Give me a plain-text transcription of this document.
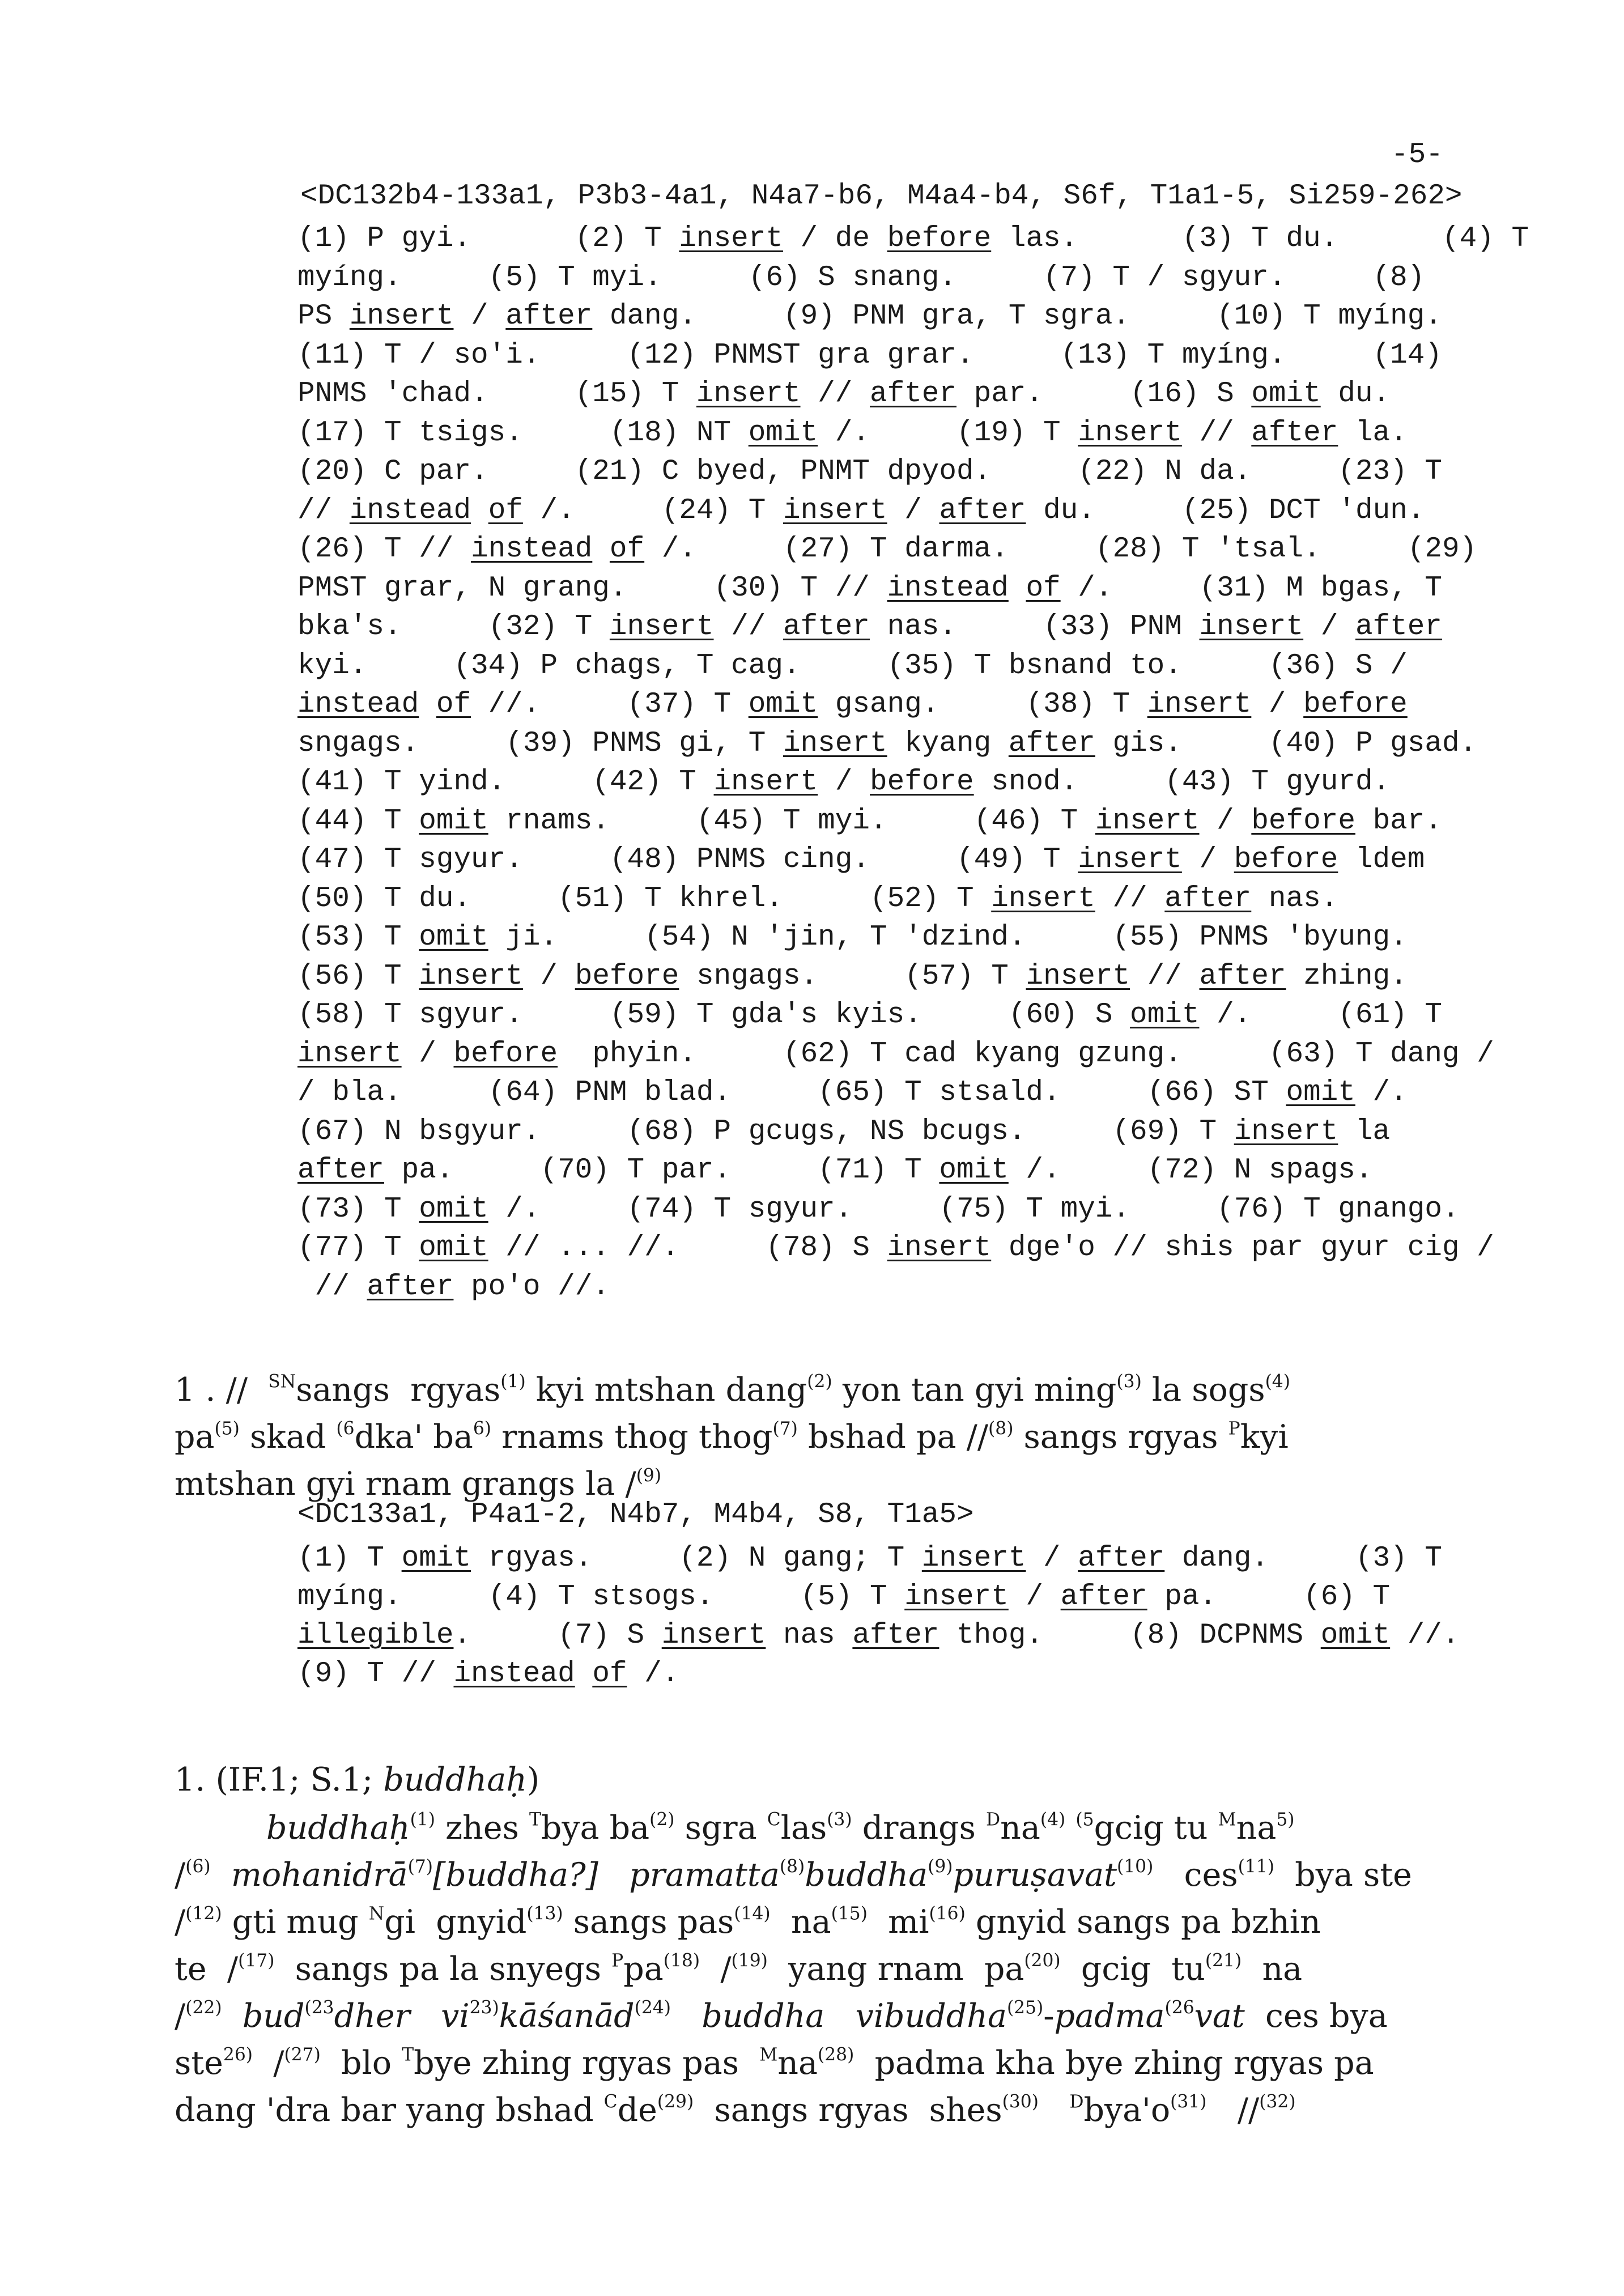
-5-
<DC132b4-133a1, P3b3-4a1, N4a7-b6, M4a4-b4, S6f, T1a1-5, Si259-262>
(1) P gyi.      (2) T insert / de before las.      (3) T du.      (4) T
myíng.     (5) T myi.     (6) S snang.     (7) T / sgyur.     (8)
PS insert / after dang.     (9) PNM gra, T sgra.     (10) T myíng.
(11) T / so'i.     (12) PNMST gra grar.     (13) T myíng.     (14)
PNMS 'chad.     (15) T insert // after par.     (16) S omit du.
(17) T tsigs.     (18) NT omit /.     (19) T insert // after la.
(20) C par.     (21) C byed, PNMT dpyod.     (22) N da.     (23) T
// instead of /.     (24) T insert / after du.     (25) DCT 'dun.
(26) T // instead of /.     (27) T darma.     (28) T 'tsal.     (29)
PMST grar, N grang.     (30) T // instead of /.     (31) M bgas, T
bka's.     (32) T insert // after nas.     (33) PNM insert / after
kyi.     (34) P chags, T cag.     (35) T bsnand to.     (36) S /
instead of //.     (37) T omit gsang.     (38) T insert / before
sngags.     (39) PNMS gi, T insert kyang after gis.     (40) P gsad.
(41) T yind.     (42) T insert / before snod.     (43) T gyurd.
(44) T omit rnams.     (45) T myi.     (46) T insert / before bar.
(47) T sgyur.     (48) PNMS cing.     (49) T insert / before ldem
(50) T du.     (51) T khrel.     (52) T insert // after nas.
(53) T omit ji.     (54) N 'jin, T 'dzind.     (55) PNMS 'byung.
(56) T insert / before sngags.     (57) T insert // after zhing.
(58) T sgyur.     (59) T gda's kyis.     (60) S omit /.     (61) T
insert / before  phyin.     (62) T cad kyang gzung.     (63) T dang /
/ bla.     (64) PNM blad.     (65) T stsald.     (66) ST omit /.
(67) N bsgyur.     (68) P gcugs, NS bcugs.     (69) T insert la
after pa.     (70) T par.     (71) T omit /.     (72) N spags.
(73) T omit /.     (74) T sgyur.     (75) T myi.     (76) T gnango.
(77) T omit // ... //.     (78) S insert dge'o // shis par gyur cig /
// after po'o //.
1 . //  $^{SN}$sangs  rgyas$^{(1)}$ kyi mtshan dang$^{(2)}$ yon tan gyi ming$^{(3)}$ la sogs$^{(4)}$
$pa^{(5)}$ skad $^{(6}$dka' $ba^{6)}$ rnams thog thog$^{(7)}$ bshad pa //$^{(8)}$ sangs rgyas $^P$kyi
mtshan gyi rnam grangs la /$^{(9)}$
<DC133a1, P4a1-2, N4b7, M4b4, S8, T1a5>
(1) T omit rgyas.     (2) N gang; T insert / after dang.     (3) T
myíng.     (4) T stsogs.     (5) T insert / after pa.     (6) T
illegible.     (7) S insert nas after thog.     (8) DCPNMS omit //.
(9) T // instead of /.
1. (IF.1; S.1; buddhaḥ)
buddhaḥ$^{(1)}$ zhes $^T$bya $ba^{(2)}$ sgra $^C$las$^{(3)}$ drangs $^Dna^{(4)}$ $^{(5}$gcig tu $^Mna^{5)}$
/$^{(6)}$ mohanidrā$^{(7)}$[buddha?] pramatta$^{(8)}$buddha$^{(9)}$puruṣavat$^{(10)}$   ces$^{(11)}$  bya ste
/$^{(12)}$ gti mug $^N$gi  gnyid$^{(13)}$ sangs pas$^{(14)}$  $na^{(15)}$  $mi^{(16)}$ gnyid sangs pa bzhin
te  /$^{(17)}$  sangs pa la snyegs $^Ppa^{(18)}$  /$^{(19)}$  yang rnam  $pa^{(20)}$  gcig  $tu^{(21)}$  na
/$^{(22)}$ bud$^{(23}$dher $vi^{23)}kāśanād^{(24)}$ buddha vibuddha$^{(25)}$-padma$^{(26}$vat  ces bya
ste$^{26)}$  /$^{(27)}$  blo $^T$bye zhing rgyas pas  $^Mna^{(28)}$  padma kha bye zhing rgyas pa
dang 'dra bar yang bshad $^Cde^{(29)}$  sangs rgyas  shes$^{(30)}$ $^Dbya'o^{(31)}$   //$^{(32)}$
